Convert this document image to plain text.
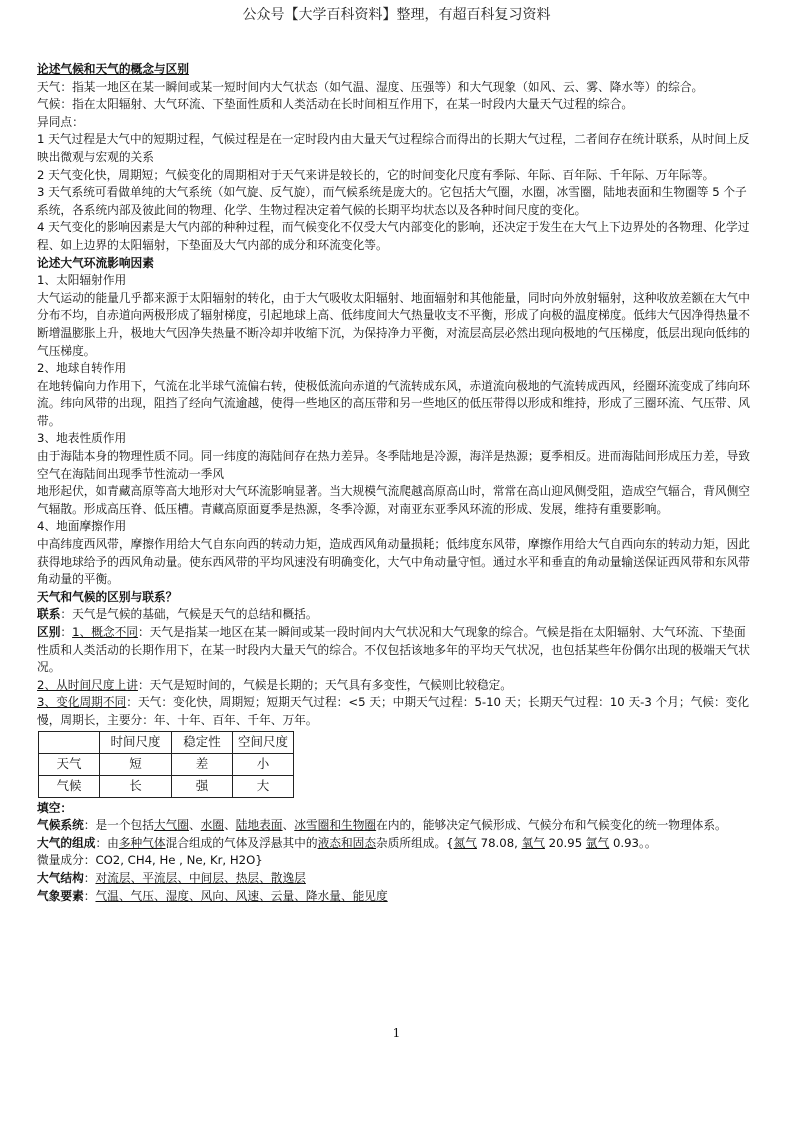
公众号【大学百科资料】整理，有超百科复习资料

论述气候和天气的概念与区别

天气：指某一地区在某一瞬间或某一短时间内大气状态（如气温、湿度、压强等）和大气现象（如风、云、雾、降水等）的综合。

气候：指在太阳辐射、大气环流、下垫面性质和人类活动在长时间相互作用下，在某一时段内大量天气过程的综合。

异同点：

1 天气过程是大气中的短期过程，气候过程是在一定时段内由大量天气过程综合而得出的长期大气过程，二者间存在统计联系，从时间上反映出微观与宏观的关系

2 天气变化快，周期短；气候变化的周期相对于天气来讲是较长的，它的时间变化尺度有季际、年际、百年际、千年际、万年际等。

3 天气系统可看做单纯的大气系统（如气旋、反气旋），而气候系统是庞大的。它包括大气圈，水圈，冰雪圈，陆地表面和生物圈等 5 个子系统，各系统内部及彼此间的物理、化学、生物过程决定着气候的长期平均状态以及各种时间尺度的变化。

4 天气变化的影响因素是大气内部的种种过程，而气候变化不仅受大气内部变化的影响，还决定于发生在大气上下边界处的各物理、化学过程、如上边界的太阳辐射，下垫面及大气内部的成分和环流变化等。

论述大气环流影响因素

1、太阳辐射作用

大气运动的能量几乎都来源于太阳辐射的转化，由于大气吸收太阳辐射、地面辐射和其他能量，同时向外放射辐射，这种收放差额在大气中分布不均，自赤道向两极形成了辐射梯度，引起地球上高、低纬度间大气热量收支不平衡，形成了向极的温度梯度。低纬大气因净得热量不断增温膨胀上升，极地大气因净失热量不断冷却并收缩下沉，为保持净力平衡，对流层高层必然出现向极地的气压梯度，低层出现向低纬的气压梯度。

2、地球自转作用

在地转偏向力作用下，气流在北半球气流偏右转，使极低流向赤道的气流转成东风，赤道流向极地的气流转成西风，经圈环流变成了纬向环流。纬向风带的出现，阻挡了经向气流逾越，使得一些地区的高压带和另一些地区的低压带得以形成和维持，形成了三圈环流、气压带、风带。

3、地表性质作用

由于海陆本身的物理性质不同。同一纬度的海陆间存在热力差异。冬季陆地是冷源，海洋是热源；夏季相反。进而海陆间形成压力差，导致空气在海陆间出现季节性流动一季风

地形起伏，如青藏高原等高大地形对大气环流影响显著。当大规模气流爬越高原高山时，常常在高山迎风侧受阻，造成空气辐合，背风侧空气辐散。形成高压脊、低压槽。青藏高原面夏季是热源，冬季冷源，对南亚东亚季风环流的形成、发展，维持有重要影响。

4、地面摩擦作用

中高纬度西风带，摩擦作用给大气自东向西的转动力矩，造成西风角动量损耗；低纬度东风带，摩擦作用给大气自西向东的转动力矩，因此获得地球给予的西风角动量。使东西风带的平均风速没有明确变化，大气中角动量守恒。通过水平和垂直的角动量输送保证西风带和东风带角动量的平衡。

天气和气候的区别与联系？

联系：天气是气候的基础，气候是天气的总结和概括。

区别：1、概念不同：天气是指某一地区在某一瞬间或某一段时间内大气状况和大气现象的综合。气候是指在太阳辐射、大气环流、下垫面性质和人类活动的长期作用下，在某一时段内大量天气的综合。不仅包括该地多年的平均天气状况，也包括某些年份偶尔出现的极端天气状况。

2、从时间尺度上讲：天气是短时间的，气候是长期的；天气具有多变性，气候则比较稳定。

3、变化周期不同：天气：变化快，周期短；短期天气过程：<5 天；中期天气过程：5-10 天；长期天气过程：10 天-3 个月；气候：变化慢，周期长，主要分：年、十年、百年、千年、万年。

	时间尺度	稳定性	空间尺度
天气	短	差	小
气候	长	强	大

填空：

气候系统：是一个包括大气圈、水圈、陆地表面、冰雪圈和生物圈在内的，能够决定气候形成、气候分布和气候变化的统一物理体系。

大气的组成：由多种气体混合组成的气体及浮悬其中的液态和固态杂质所组成。{氮气 78.08, 氧气 20.95 氩气 0.93。。

微量成分：CO2, CH4, He , Ne, Kr, H2O}

大气结构：对流层、平流层、中间层、热层、散逸层

气象要素：气温、气压、湿度、风向、风速、云量、降水量、能见度

1
